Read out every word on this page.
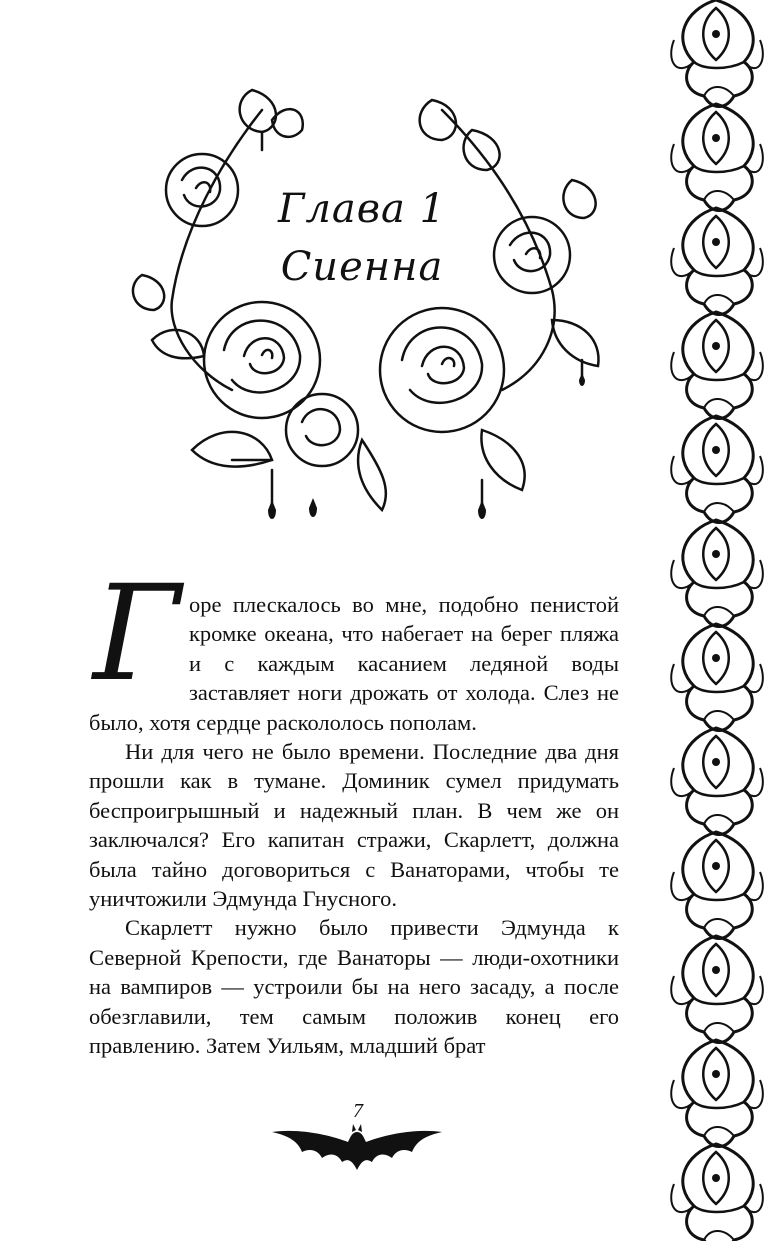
Глава 1
Сиенна
Г оре плескалось во мне, подобно пенистой кромке океана, что набегает на берег пляжа и с каждым касанием ледяной воды заставляет ноги дрожать от холода. Слез не было, хотя сердце раскололось пополам.

Ни для чего не было времени. Последние два дня прошли как в тумане. Доминик сумел придумать беспроигрышный и надежный план. В чем же он заключался? Его капитан стражи, Скарлетт, должна была тайно договориться с Ванаторами, чтобы те уничтожили Эдмунда Гнусного.

Скарлетт нужно было привести Эдмунда к Северной Крепости, где Ванаторы — люди-охотники на вампиров — устроили бы на него засаду, а после обезглавили, тем самым положив конец его правлению. Затем Уильям, младший брат

7
